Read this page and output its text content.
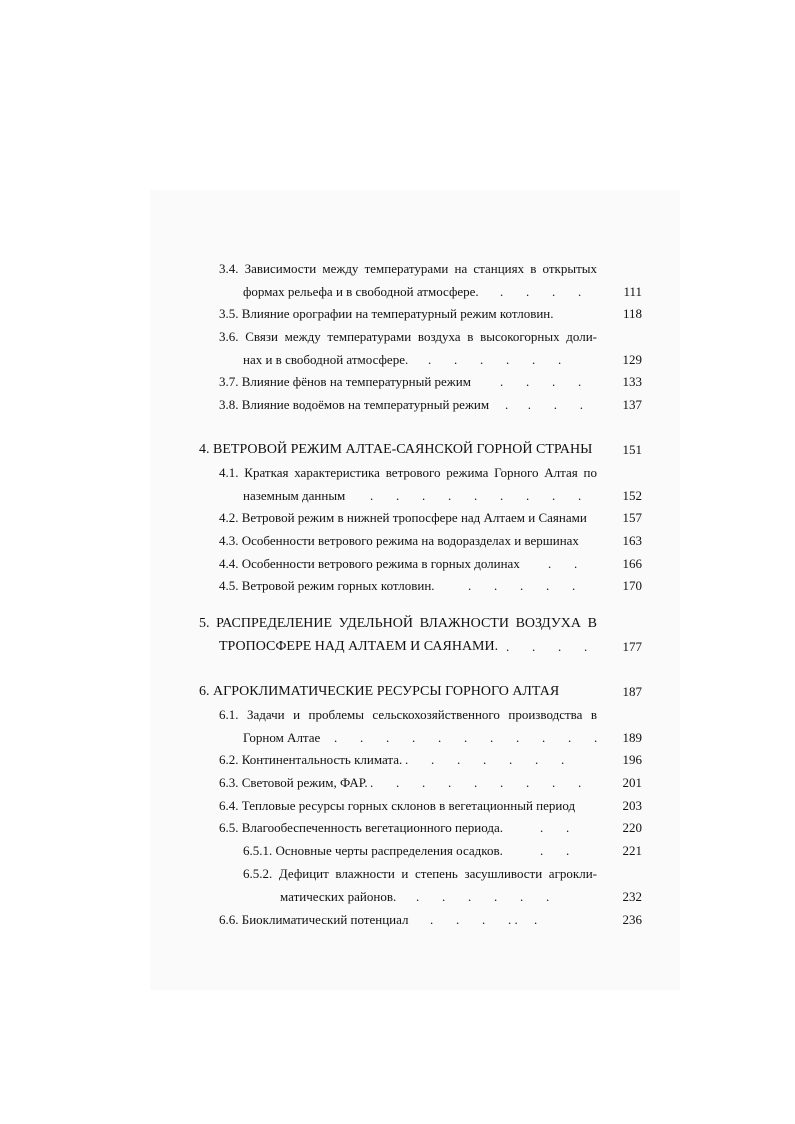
3.4. Зависимости между температурами на станциях в открытых
формах рельефа и в свободной атмосфере. .       .       .       .	111
3.5. Влияние орографии на температурный режим котловин.	118
3.6. Связи между температурами воздуха в высокогорных доли-
нах и в свободной атмосфере. .       .       .       .       .       .	129
3.7. Влияние фёнов на температурный режим .       .       .       .	133
3.8. Влияние водоёмов на температурный режим .      .       .       .	137
4. ВЕТРОВОЙ РЕЖИМ АЛТАЕ-САЯНСКОЙ ГОРНОЙ СТРАНЫ	151
4.1. Краткая характеристика ветрового режима Горного Алтая по
наземным данным .       .       .       .       .       .       .       .       .	152
4.2. Ветровой режим в нижней тропосфере над Алтаем и Саянами	157
4.3. Особенности ветрового режима на водоразделах и вершинах	163
4.4. Особенности ветрового режима в горных долинах .       .	166
4.5. Ветровой режим горных котловин.	.       .       .       .       .	170
5. РАСПРЕДЕЛЕНИЕ УДЕЛЬНОЙ ВЛАЖНОСТИ ВОЗДУХА В
ТРОПОСФЕРЕ НАД АЛТАЕМ И САЯНАМИ. .       .       .       .	177
6. АГРОКЛИМАТИЧЕСКИЕ РЕСУРСЫ ГОРНОГО АЛТАЯ	187
6.1. Задачи и проблемы сельскохозяйственного производства в
Горном Алтае .       .       .       .       .       .       .       .       .       .       .	189
6.2. Континентальность климата. .       .       .       .       .       .       .	196
6.3. Световой режим, ФАР. .       .       .       .       .       .       .       .       .	201
6.4. Тепловые ресурсы горных склонов в вегетационный период	203
6.5. Влагообеспеченность вегетационного периода.	.       .	220
6.5.1. Основные черты распределения осадков.	.       .	221
6.5.2. Дефицит влажности и степень засушливости агрокли-
матических районов. .       .       .       .       .       .	232
6.6. Биоклиматический потенциал .       .       .       . .     .	236
